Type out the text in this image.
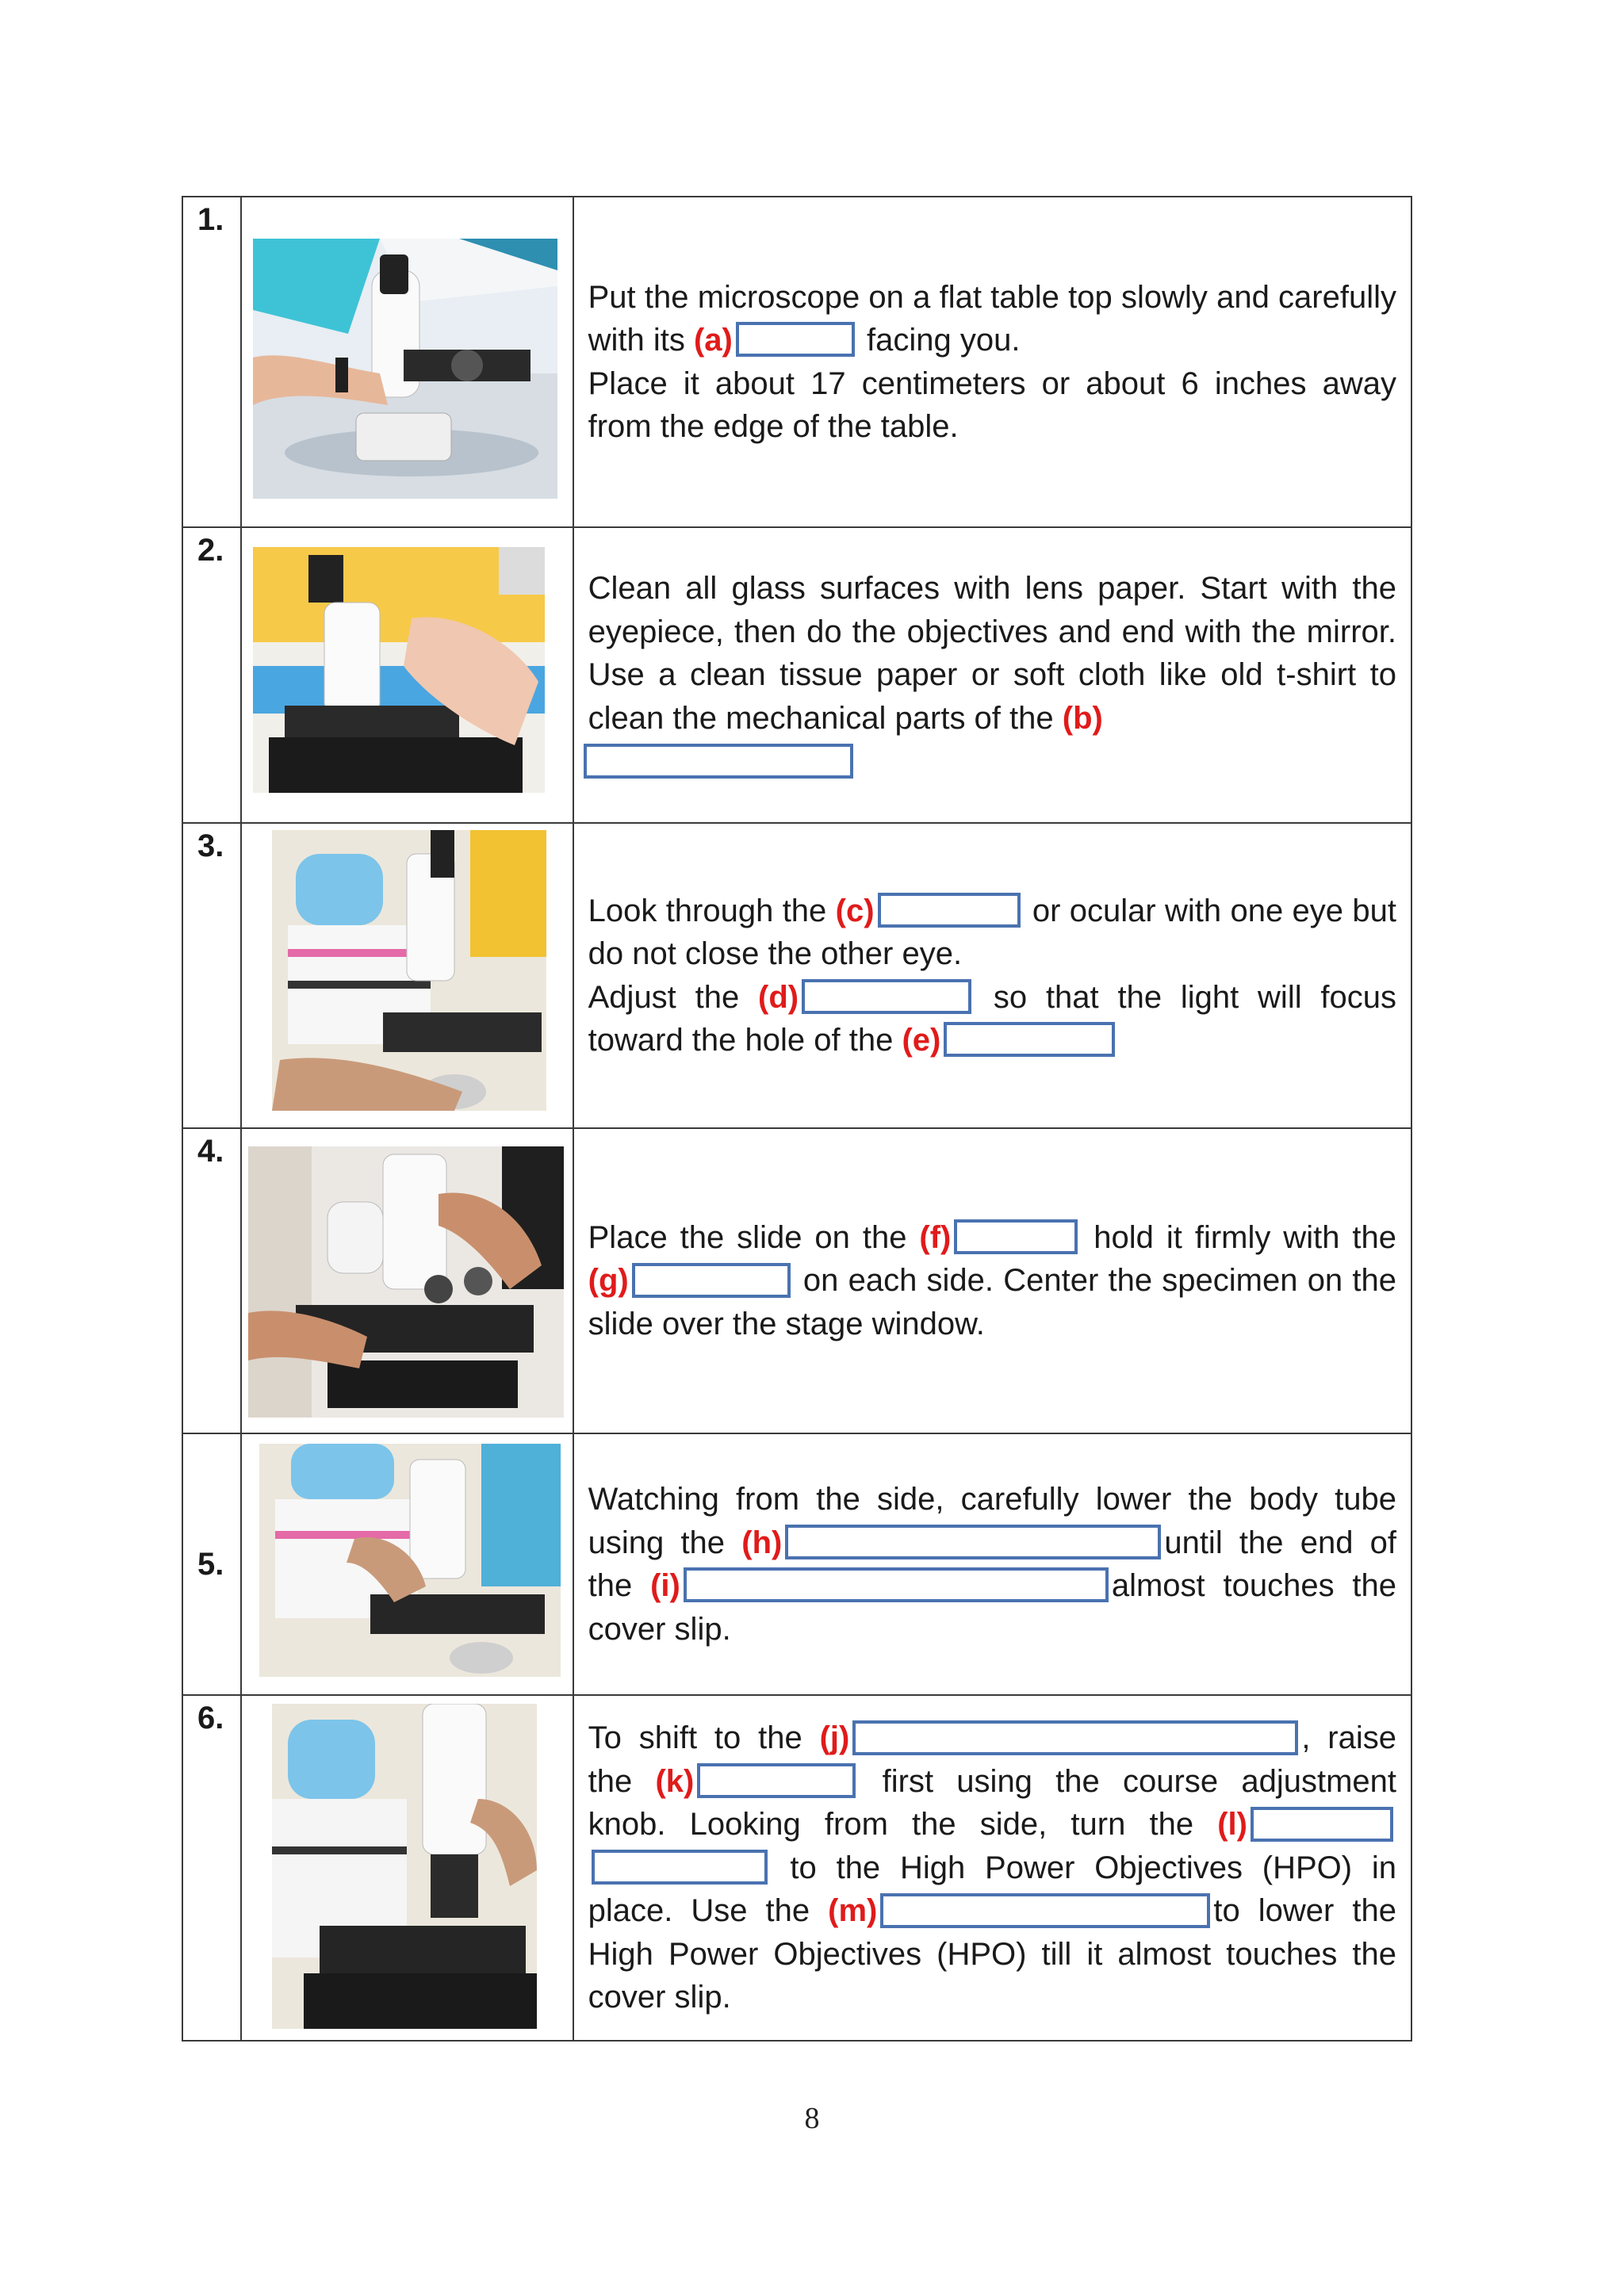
1.		Put the microscope on a flat table top slowly and carefully with its (a) facing you.
Place it about 17 centimeters or about 6 inches away from the edge of the table.

2.		Clean all glass surfaces with lens paper. Start with the eyepiece, then do the objectives and end with the mirror. Use a clean tissue paper or soft cloth like old t-shirt to clean the mechanical parts of the (b)

3.		Look through the (c) or ocular with one eye but do not close the other eye.
Adjust the (d) so that the light will focus toward the hole of the (e)

4.		Place the slide on the (f) hold it firmly with the (g) on each side. Center the specimen on the slide over the stage window.

5.		Watching from the side, carefully lower the body tube using the (h) until the end of the (i) almost touches the cover slip.

6.		To shift to the (j) , raise the (k) first using the course adjustment knob. Looking from the side, turn the (l) to the High Power Objectives (HPO) in place. Use the (m) to lower the High Power Objectives (HPO) till it almost touches the cover slip.
8
